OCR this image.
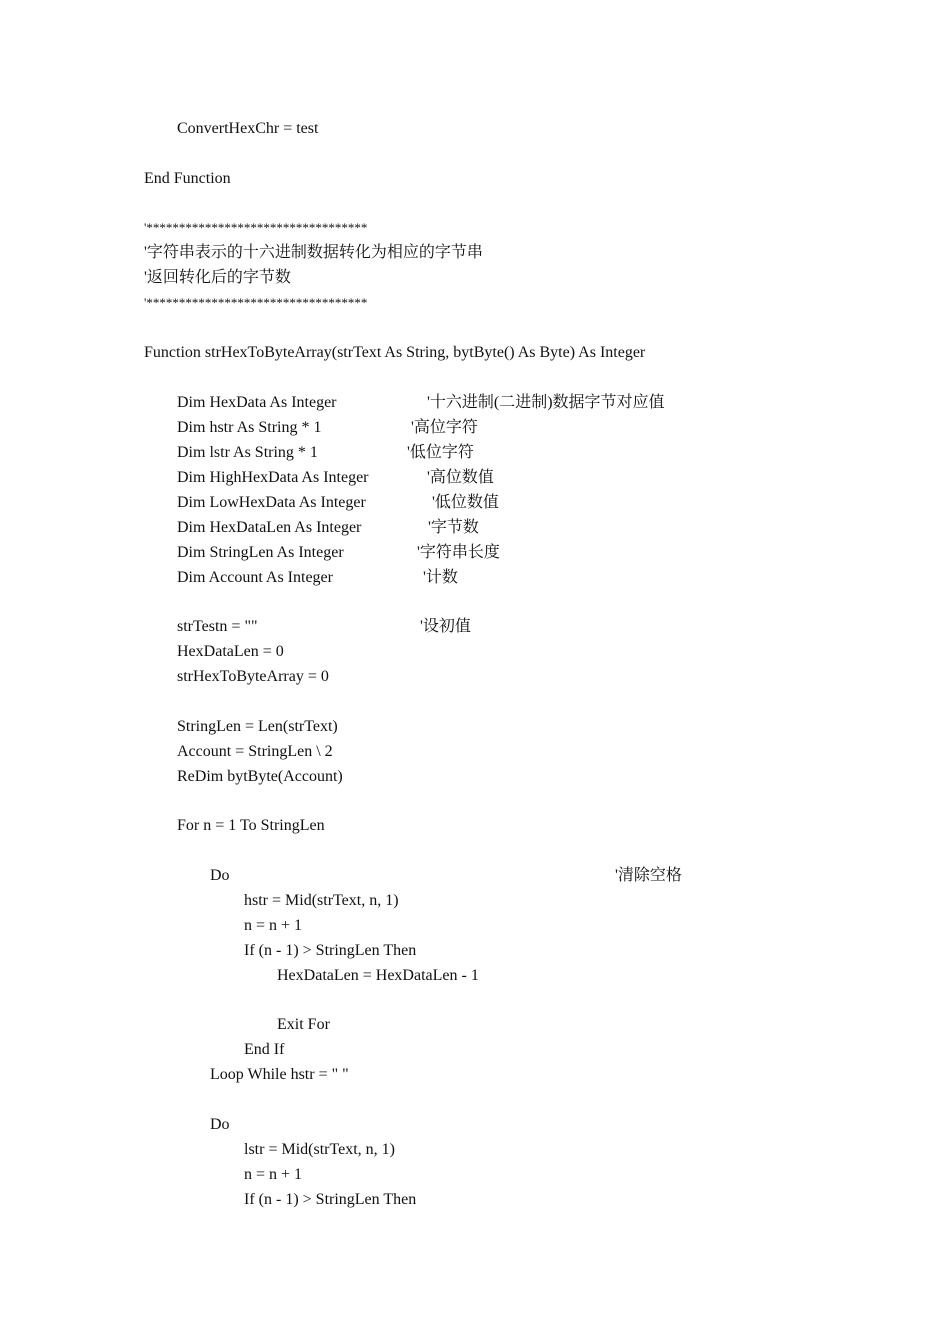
ConvertHexChr = test
End Function
'**********************************
'字符串表示的十六进制数据转化为相应的字节串
'返回转化后的字节数
'**********************************
Function strHexToByteArray(strText As String, bytByte() As Byte) As Integer
Dim HexData As Integer	'十六进制(二进制)数据字节对应值
Dim hstr As String * 1	'高位字符
Dim lstr As String * 1	'低位字符
Dim HighHexData As Integer	'高位数值
Dim LowHexData As Integer	'低位数值
Dim HexDataLen As Integer	'字节数
Dim StringLen As Integer	'字符串长度
Dim Account As Integer	'计数
strTestn = ""	'设初值
HexDataLen = 0
strHexToByteArray = 0
StringLen = Len(strText)
Account = StringLen \ 2
ReDim bytByte(Account)
For n = 1 To StringLen
Do	'清除空格
hstr = Mid(strText, n, 1)
n = n + 1
If (n - 1) > StringLen Then
HexDataLen = HexDataLen - 1
Exit For
End If
Loop While hstr = " "
Do
lstr = Mid(strText, n, 1)
n = n + 1
If (n - 1) > StringLen Then
